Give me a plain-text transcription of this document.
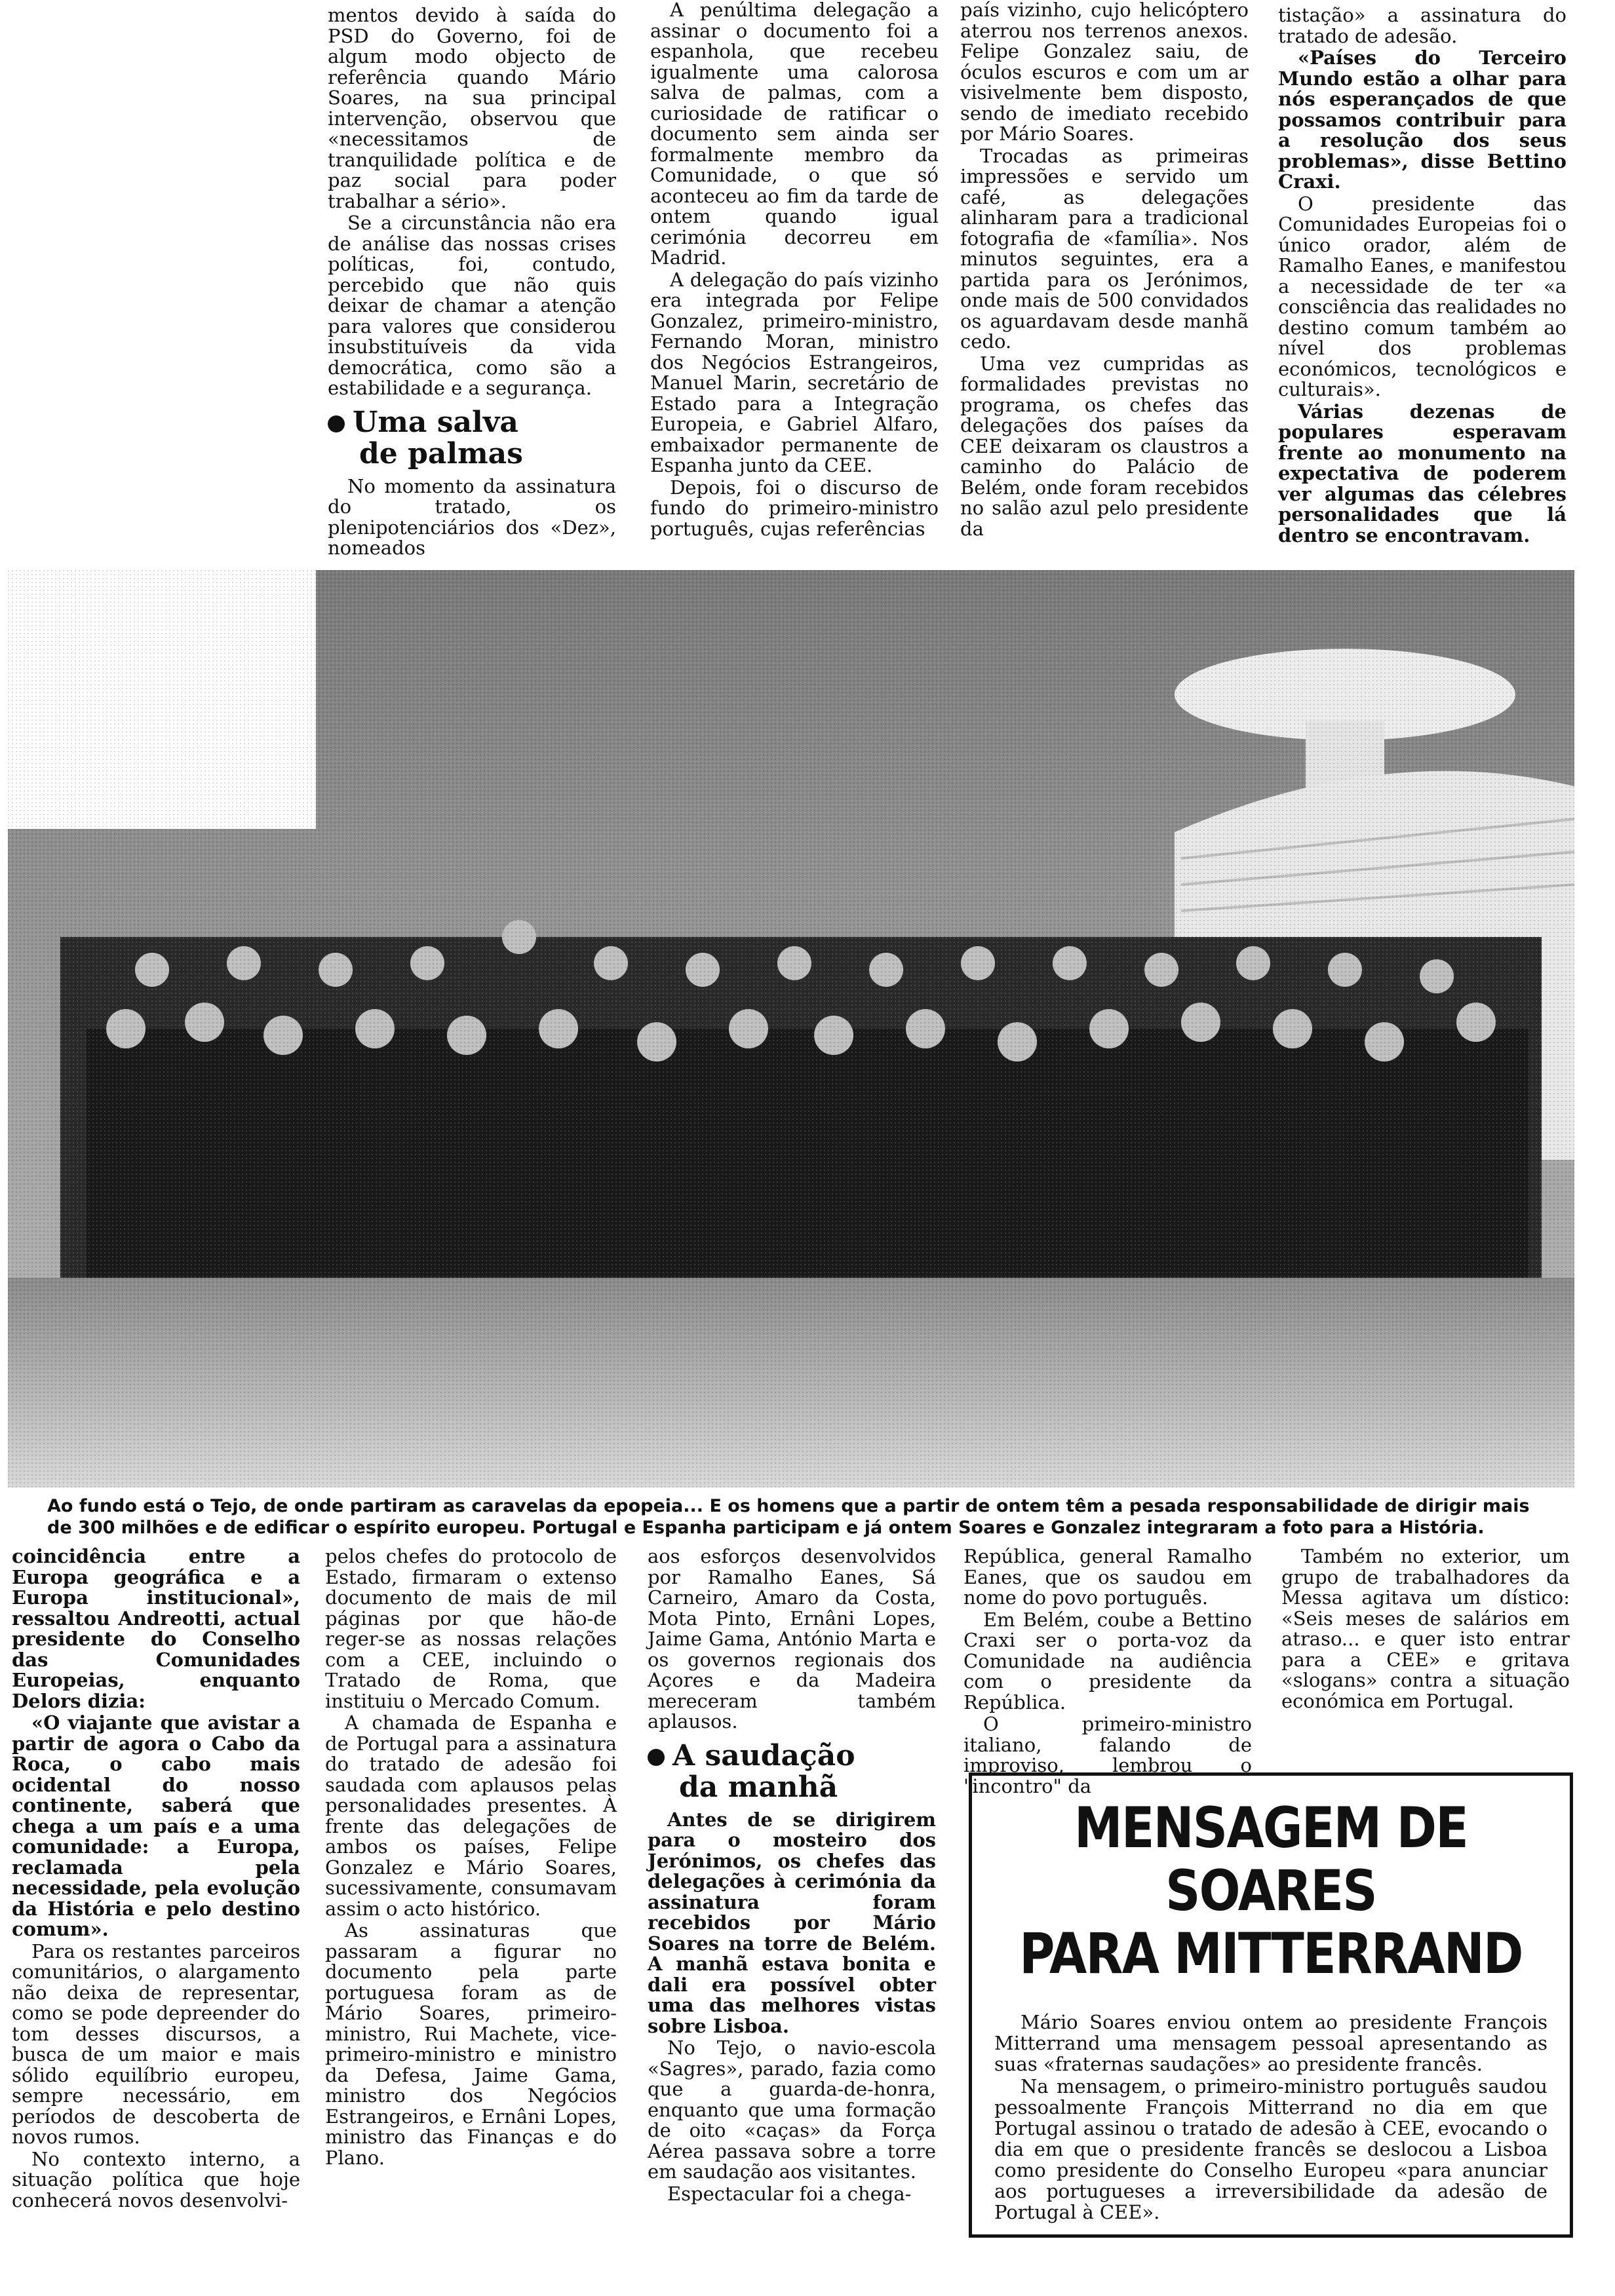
mentos devido à saída do PSD do Governo, foi de algum modo objecto de referência quando Mário Soares, na sua principal intervenção, observou que «necessitamos de tranquilidade política e de paz social para poder trabalhar a sério».

Se a circunstância não era de análise das nossas crises políticas, foi, contudo, percebido que não quis deixar de chamar a atenção para valores que considerou insubstituíveis da vida democrática, como são a estabilidade e a segurança.

Uma salva
de palmas

No momento da assinatura do tratado, os plenipotenciários dos «Dez», nomeados

A penúltima delegação a assinar o documento foi a espanhola, que recebeu igualmente uma calorosa salva de palmas, com a curiosidade de ratificar o documento sem ainda ser formalmente membro da Comunidade, o que só aconteceu ao fim da tarde de ontem quando igual cerimónia decorreu em Madrid.

A delegação do país vizinho era integrada por Felipe Gonzalez, primeiro-ministro, Fernando Moran, ministro dos Negócios Estrangeiros, Manuel Marin, secretário de Estado para a Integração Europeia, e Gabriel Alfaro, embaixador permanente de Espanha junto da CEE.

Depois, foi o discurso de fundo do primeiro-ministro português, cujas referências

país vizinho, cujo helicóptero aterrou nos terrenos anexos. Felipe Gonzalez saiu, de óculos escuros e com um ar visivelmente bem disposto, sendo de imediato recebido por Mário Soares.

Trocadas as primeiras impressões e servido um café, as delegações alinharam para a tradicional fotografia de «família». Nos minutos seguintes, era a partida para os Jerónimos, onde mais de 500 convidados os aguardavam desde manhã cedo.

Uma vez cumpridas as formalidades previstas no programa, os chefes das delegações dos países da CEE deixaram os claustros a caminho do Palácio de Belém, onde foram recebidos no salão azul pelo presidente da

tistação» a assinatura do tratado de adesão.

«Países do Terceiro Mundo estão a olhar para nós esperançados de que possamos contribuir para a resolução dos seus problemas», disse Bettino Craxi.

O presidente das Comunidades Europeias foi o único orador, além de Ramalho Eanes, e manifestou a necessidade de ter «a consciência das realidades no destino comum também ao nível dos problemas económicos, tecnológicos e culturais».

Várias dezenas de populares esperavam frente ao monumento na expectativa de poderem ver algumas das célebres personalidades que lá dentro se encontravam.

Ao fundo está o Tejo, de onde partiram as caravelas da epopeia... E os homens que a partir de ontem têm a pesada responsabilidade de dirigir mais de 300 milhões e de edificar o espírito europeu. Portugal e Espanha participam e já ontem Soares e Gonzalez integraram a foto para a História.

coincidência entre a Europa geográfica e a Europa institucional», ressaltou Andreotti, actual presidente do Conselho das Comunidades Europeias, enquanto Delors dizia:

«O viajante que avistar a partir de agora o Cabo da Roca, o cabo mais ocidental do nosso continente, saberá que chega a um país e a uma comunidade: a Europa, reclamada pela necessidade, pela evolução da História e pelo destino comum».

Para os restantes parceiros comunitários, o alargamento não deixa de representar, como se pode depreender do tom desses discursos, a busca de um maior e mais sólido equilíbrio europeu, sempre necessário, em períodos de descoberta de novos rumos.

No contexto interno, a situação política que hoje conhecerá novos desenvolvi-

pelos chefes do protocolo de Estado, firmaram o extenso documento de mais de mil páginas por que hão-de reger-se as nossas relações com a CEE, incluindo o Tratado de Roma, que instituiu o Mercado Comum.

A chamada de Espanha e de Portugal para a assinatura do tratado de adesão foi saudada com aplausos pelas personalidades presentes. À frente das delegações de ambos os países, Felipe Gonzalez e Mário Soares, sucessivamente, consumavam assim o acto histórico.

As assinaturas que passaram a figurar no documento pela parte portuguesa foram as de Mário Soares, primeiro-ministro, Rui Machete, vice-primeiro-ministro e ministro da Defesa, Jaime Gama, ministro dos Negócios Estrangeiros, e Ernâni Lopes, ministro das Finanças e do Plano.

aos esforços desenvolvidos por Ramalho Eanes, Sá Carneiro, Amaro da Costa, Mota Pinto, Ernâni Lopes, Jaime Gama, António Marta e os governos regionais dos Açores e da Madeira mereceram também aplausos.

A saudação
da manhã

Antes de se dirigirem para o mosteiro dos Jerónimos, os chefes das delegações à cerimónia da assinatura foram recebidos por Mário Soares na torre de Belém. A manhã estava bonita e dali era possível obter uma das melhores vistas sobre Lisboa.

No Tejo, o navio-escola «Sagres», parado, fazia como que a guarda-de-honra, enquanto que uma formação de oito «caças» da Força Aérea passava sobre a torre em saudação aos visitantes.

Espectacular foi a chega-

República, general Ramalho Eanes, que os saudou em nome do povo português.

Em Belém, coube a Bettino Craxi ser o porta-voz da Comunidade na audiência com o presidente da República.

O primeiro-ministro italiano, falando de improviso, lembrou o "incontro" da

Também no exterior, um grupo de trabalhadores da Messa agitava um dístico: «Seis meses de salários em atraso... e quer isto entrar para a CEE» e gritava «slogans» contra a situação económica em Portugal.

MENSAGEM DE SOARES
PARA MITTERRAND

Mário Soares enviou ontem ao presidente François Mitterrand uma mensagem pessoal apresentando as suas «fraternas saudações» ao presidente francês.

Na mensagem, o primeiro-ministro português saudou pessoalmente François Mitterrand no dia em que Portugal assinou o tratado de adesão à CEE, evocando o dia em que o presidente francês se deslocou a Lisboa como presidente do Conselho Europeu «para anunciar aos portugueses a irreversibilidade da adesão de Portugal à CEE».
